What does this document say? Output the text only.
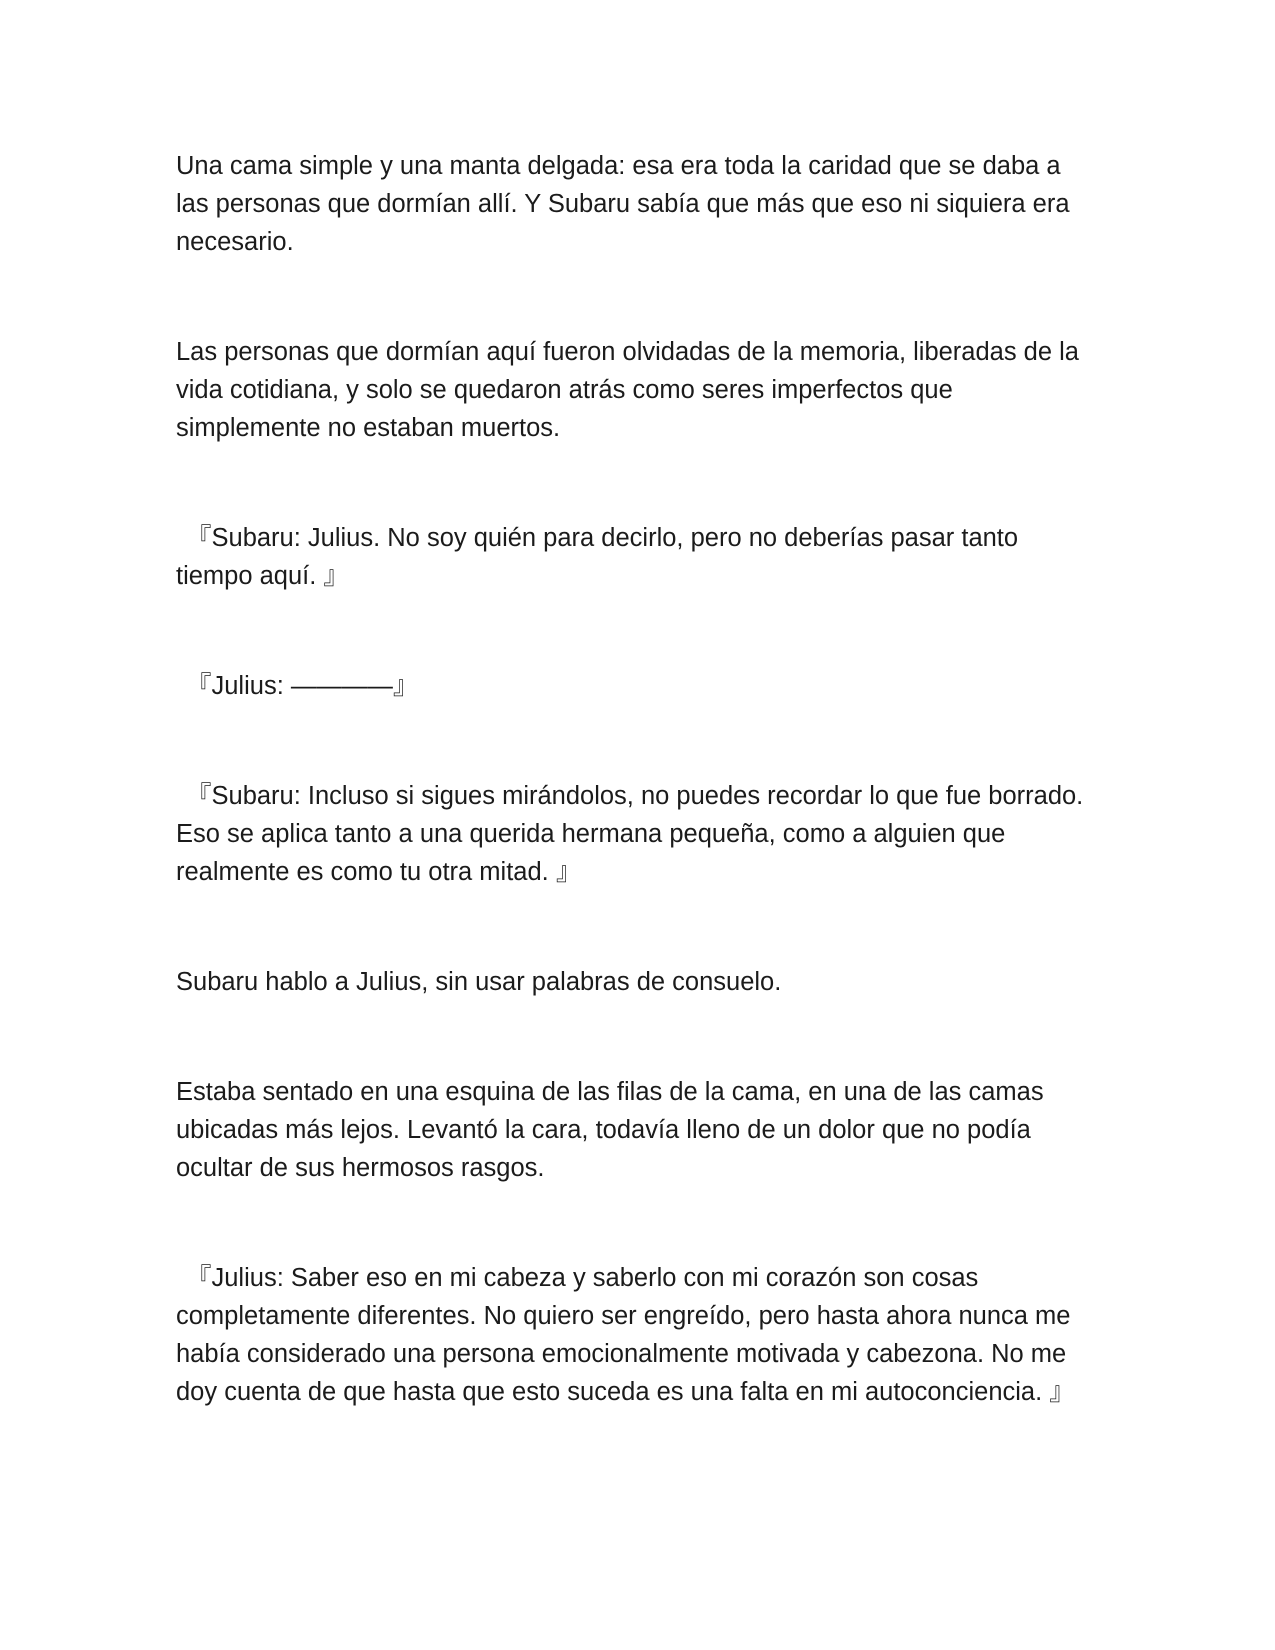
Una cama simple y una manta delgada: esa era toda la caridad que se daba a las personas que dormían allí. Y Subaru sabía que más que eso ni siquiera era necesario.

Las personas que dormían aquí fueron olvidadas de la memoria, liberadas de la vida cotidiana, y solo se quedaron atrás como seres imperfectos que simplemente no estaban muertos.

『Subaru: Julius. No soy quién para decirlo, pero no deberías pasar tanto tiempo aquí. 』

『Julius: ————』

『Subaru: Incluso si sigues mirándolos, no puedes recordar lo que fue borrado. Eso se aplica tanto a una querida hermana pequeña, como a alguien que realmente es como tu otra mitad. 』

Subaru hablo a Julius, sin usar palabras de consuelo.

Estaba sentado en una esquina de las filas de la cama, en una de las camas ubicadas más lejos. Levantó la cara, todavía lleno de un dolor que no podía ocultar de sus hermosos rasgos.

『Julius: Saber eso en mi cabeza y saberlo con mi corazón son cosas completamente diferentes. No quiero ser engreído, pero hasta ahora nunca me había considerado una persona emocionalmente motivada y cabezona. No me doy cuenta de que hasta que esto suceda es una falta en mi autoconciencia. 』
